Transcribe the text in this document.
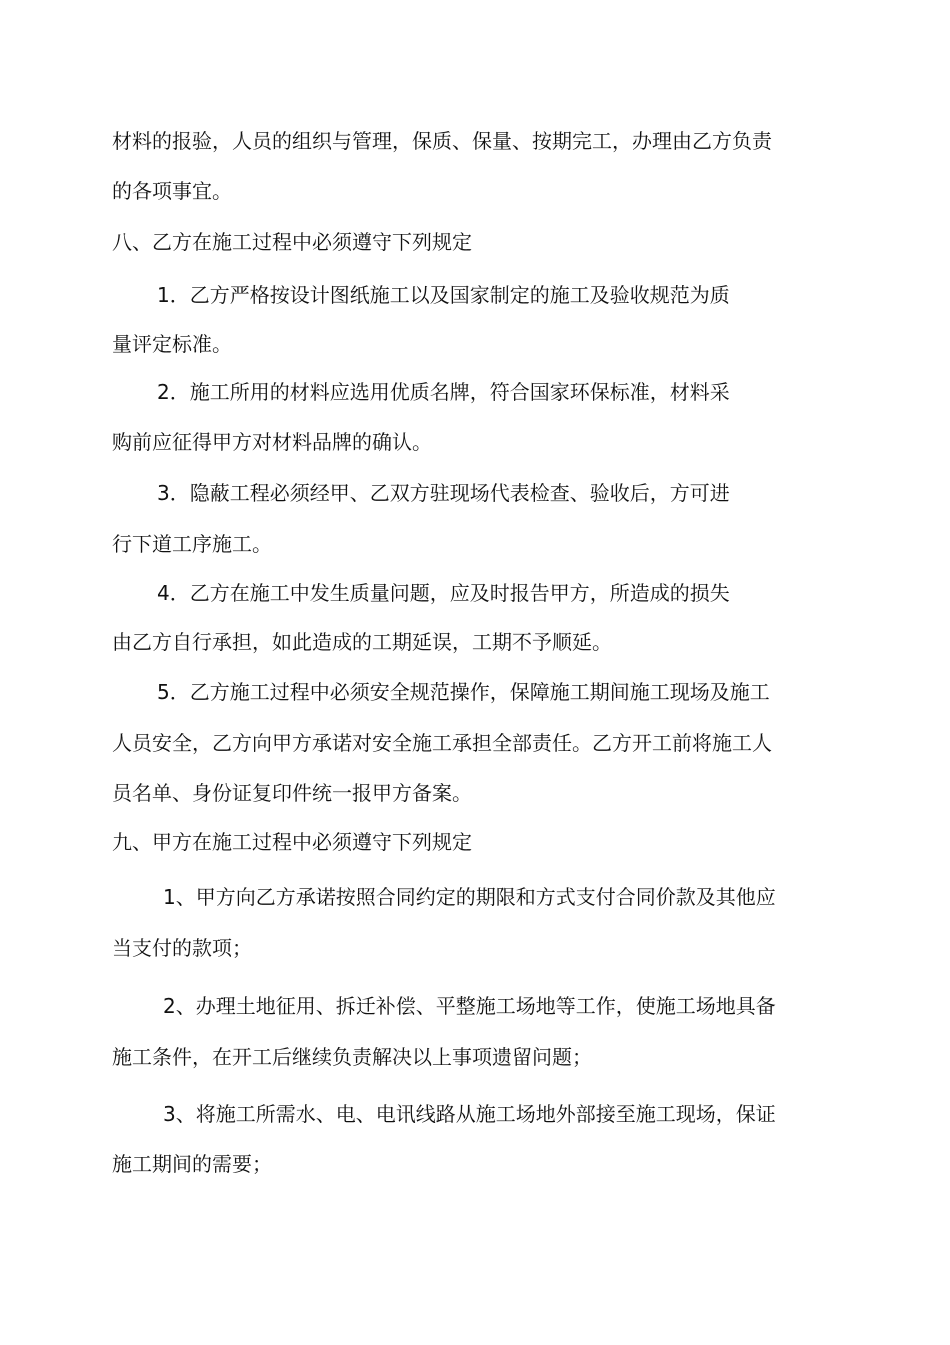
材料的报验，人员的组织与管理，保质、保量、按期完工，办理由乙方负责
的各项事宜。
八、乙方在施工过程中必须遵守下列规定
1．乙方严格按设计图纸施工以及国家制定的施工及验收规范为质
量评定标准。
2．施工所用的材料应选用优质名牌，符合国家环保标准，材料采
购前应征得甲方对材料品牌的确认。
3．隐蔽工程必须经甲、乙双方驻现场代表检查、验收后，方可进
行下道工序施工。
4．乙方在施工中发生质量问题，应及时报告甲方，所造成的损失
由乙方自行承担，如此造成的工期延误，工期不予顺延。
5．乙方施工过程中必须安全规范操作，保障施工期间施工现场及施工
人员安全，乙方向甲方承诺对安全施工承担全部责任。乙方开工前将施工人
员名单、身份证复印件统一报甲方备案。
九、甲方在施工过程中必须遵守下列规定
1、甲方向乙方承诺按照合同约定的期限和方式支付合同价款及其他应
当支付的款项；
2、办理土地征用、拆迁补偿、平整施工场地等工作，使施工场地具备
施工条件，在开工后继续负责解决以上事项遗留问题；
3、将施工所需水、电、电讯线路从施工场地外部接至施工现场，保证
施工期间的需要；
